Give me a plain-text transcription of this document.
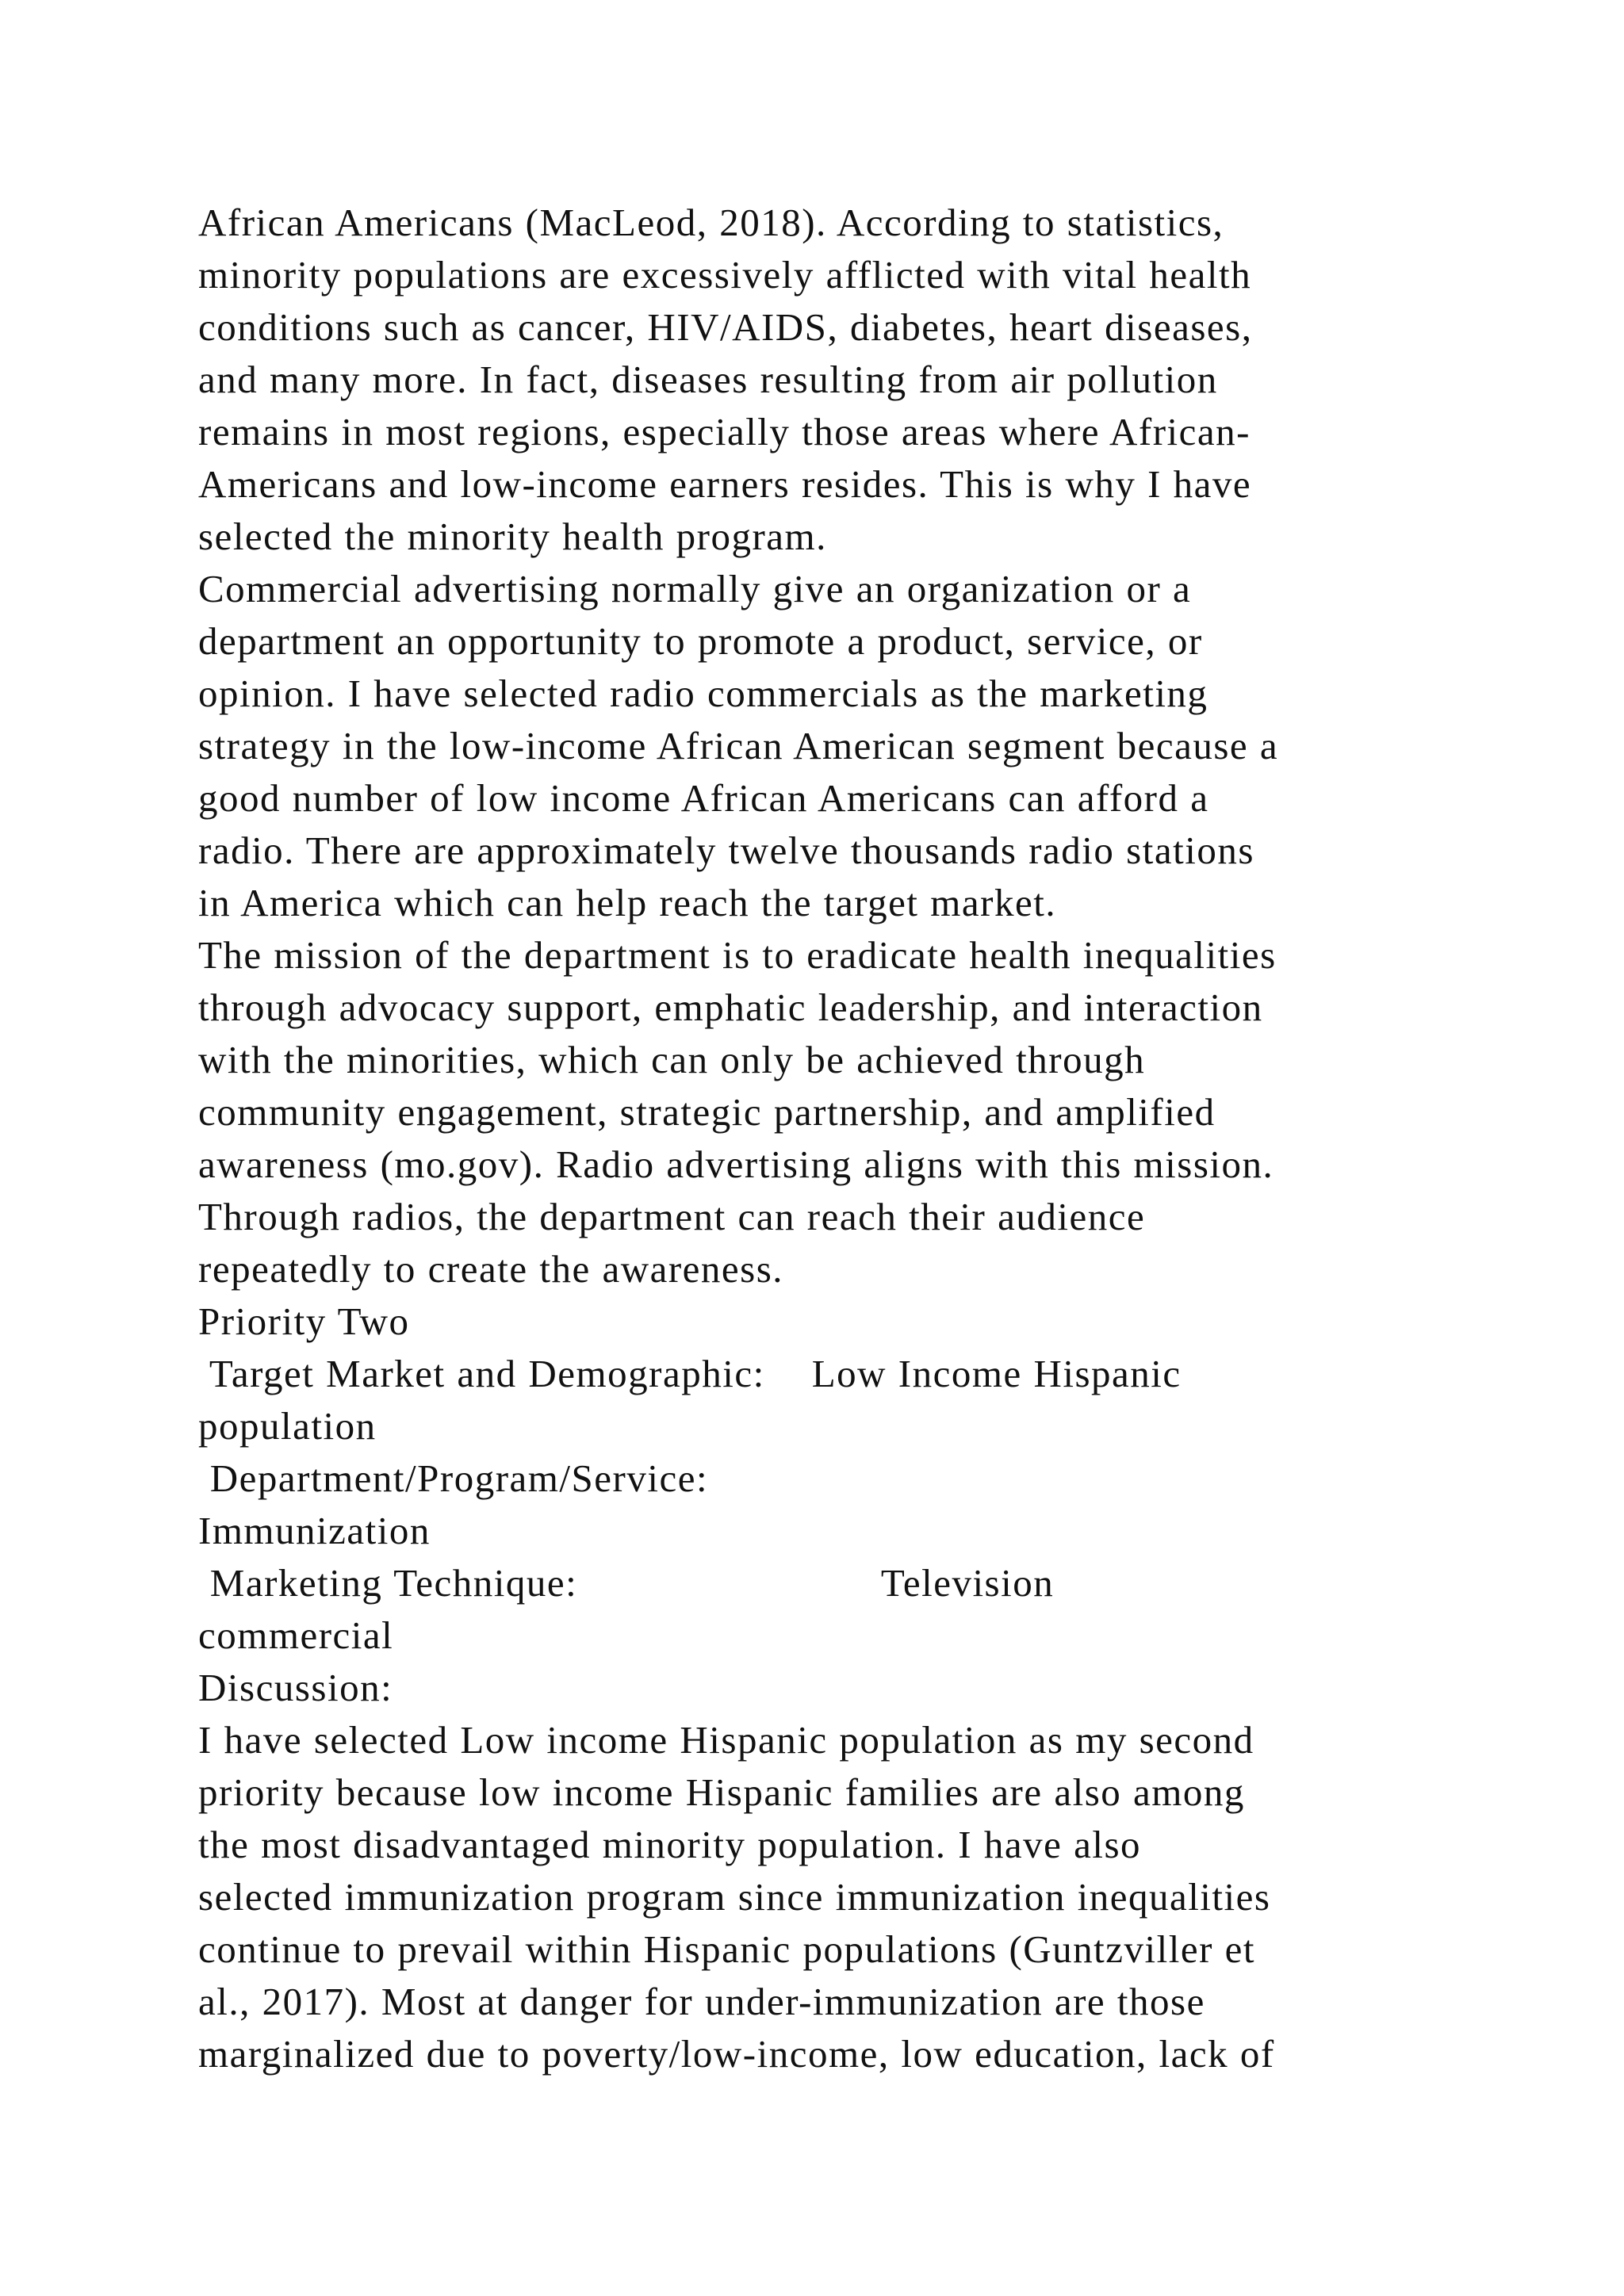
African Americans (MacLeod, 2018). According to statistics,
minority populations are excessively afflicted with vital health
conditions such as cancer, HIV/AIDS, diabetes, heart diseases,
and many more. In fact, diseases resulting from air pollution
remains in most regions, especially those areas where African-
Americans and low-income earners resides. This is why I have
selected the minority health program.
Commercial advertising normally give an organization or a
department an opportunity to promote a product, service, or
opinion. I have selected radio commercials as the marketing
strategy in the low-income African American segment because a
good number of low income African Americans can afford a
radio. There are approximately twelve thousands radio stations
in America which can help reach the target market.
The mission of the department is to eradicate health inequalities
through advocacy support, emphatic leadership, and interaction
with the minorities, which can only be achieved through
community engagement, strategic partnership, and amplified
awareness (mo.gov). Radio advertising aligns with this mission.
Through radios, the department can reach their audience
repeatedly to create the awareness.
Priority Two
Target Market and Demographic:    Low Income Hispanic
population
Department/Program/Service:
Immunization
Marketing Technique:                          Television
commercial
Discussion:
I have selected Low income Hispanic population as my second
priority because low income Hispanic families are also among
the most disadvantaged minority population. I have also
selected immunization program since immunization inequalities
continue to prevail within Hispanic populations (Guntzviller et
al., 2017). Most at danger for under-immunization are those
marginalized due to poverty/low-income, low education, lack of
